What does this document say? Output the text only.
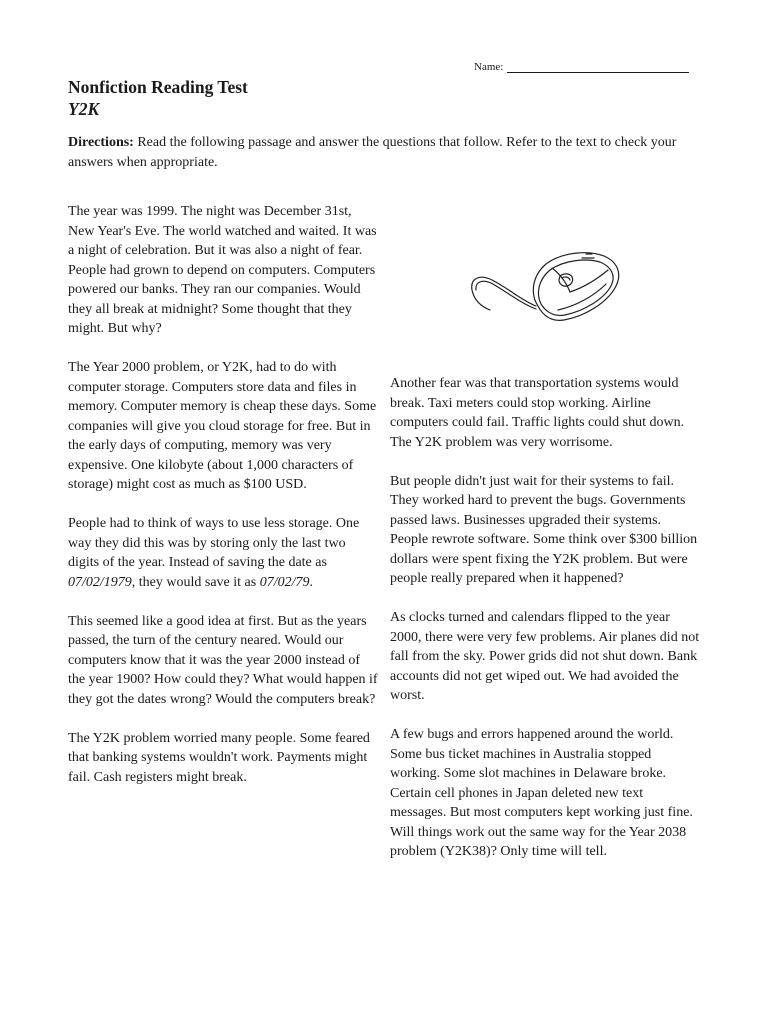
Name:
Nonfiction Reading Test
Y2K

Directions: Read the following passage and answer the questions that follow. Refer to the text to check your answers when appropriate.

The year was 1999. The night was December 31st, New Year's Eve. The world watched and waited. It was a night of celebration. But it was also a night of fear. People had grown to depend on computers. Computers powered our banks. They ran our companies. Would they all break at midnight? Some thought that they might. But why?

The Year 2000 problem, or Y2K, had to do with computer storage. Computers store data and files in memory. Computer memory is cheap these days. Some companies will give you cloud storage for free. But in the early days of computing, memory was very expensive. One kilobyte (about 1,000 characters of storage) might cost as much as $100 USD.

People had to think of ways to use less storage. One way they did this was by storing only the last two digits of the year. Instead of saving the date as 07/02/1979, they would save it as 07/02/79.

This seemed like a good idea at first. But as the years passed, the turn of the century neared. Would our computers know that it was the year 2000 instead of the year 1900? How could they? What would happen if they got the dates wrong? Would the computers break?

The Y2K problem worried many people. Some feared that banking systems wouldn't work. Payments might fail. Cash registers might break.

Another fear was that transportation systems would break. Taxi meters could stop working. Airline computers could fail. Traffic lights could shut down. The Y2K problem was very worrisome.

But people didn't just wait for their systems to fail. They worked hard to prevent the bugs. Governments passed laws. Businesses upgraded their systems. People rewrote software. Some think over $300 billion dollars were spent fixing the Y2K problem. But were people really prepared when it happened?

As clocks turned and calendars flipped to the year 2000, there were very few problems. Air planes did not fall from the sky. Power grids did not shut down. Bank accounts did not get wiped out. We had avoided the worst.

A few bugs and errors happened around the world. Some bus ticket machines in Australia stopped working. Some slot machines in Delaware broke. Certain cell phones in Japan deleted new text messages. But most computers kept working just fine. Will things work out the same way for the Year 2038 problem (Y2K38)? Only time will tell.
